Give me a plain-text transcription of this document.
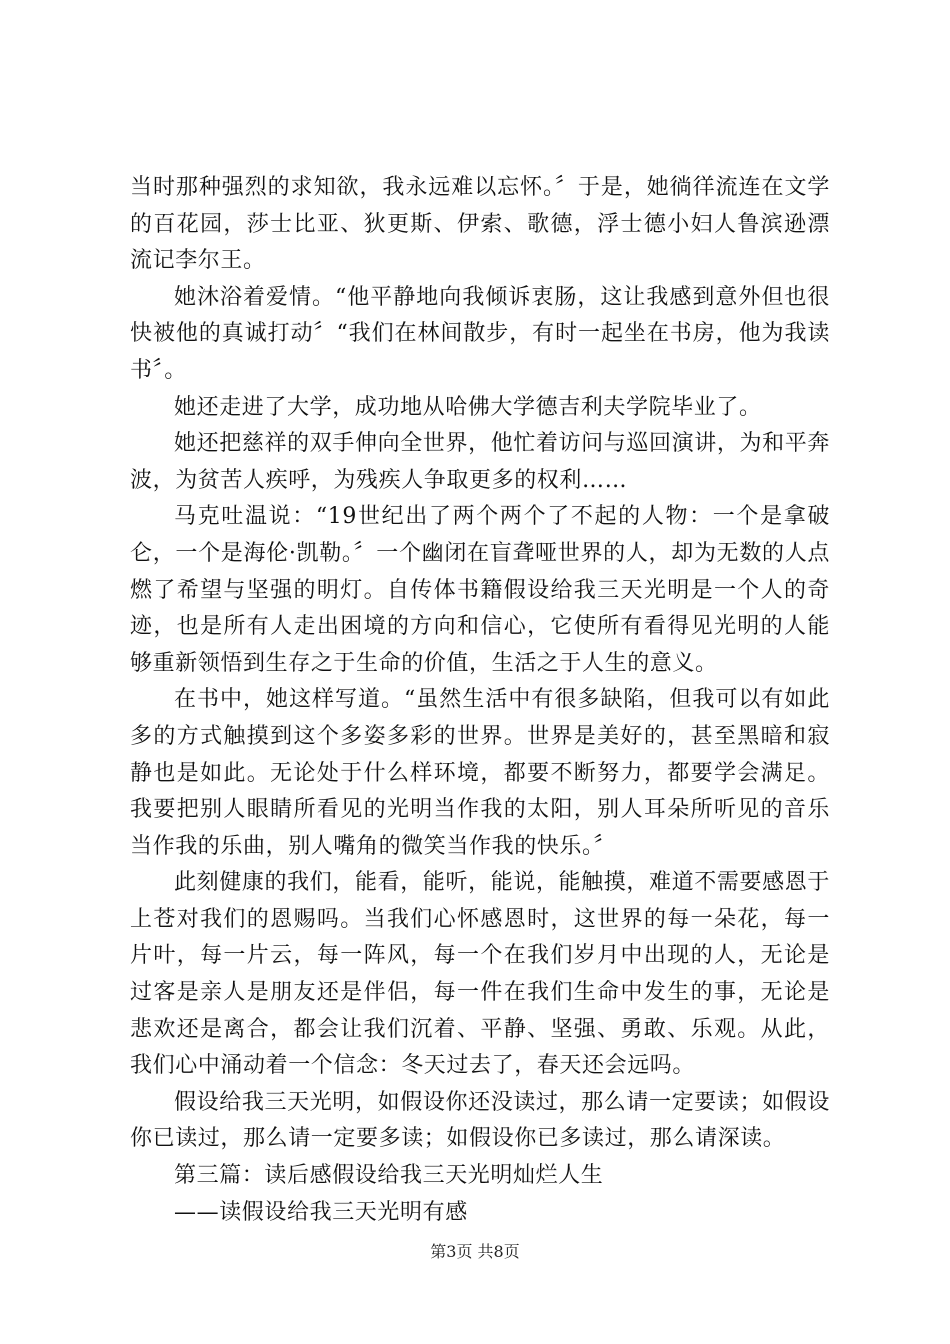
当时那种强烈的求知欲，我永远难以忘怀。〞于是，她徜徉流连在文学的百花园，莎士比亚、狄更斯、伊索、歌德，浮士德小妇人鲁滨逊漂流记李尔王。

她沐浴着爱情。“他平静地向我倾诉衷肠，这让我感到意外但也很快被他的真诚打动〞“我们在林间散步，有时一起坐在书房，他为我读书〞。

她还走进了大学，成功地从哈佛大学德吉利夫学院毕业了。

她还把慈祥的双手伸向全世界，他忙着访问与巡回演讲，为和平奔波，为贫苦人疾呼，为残疾人争取更多的权利……

马克吐温说：“19世纪出了两个两个了不起的人物：一个是拿破仑，一个是海伦·凯勒。〞一个幽闭在盲聋哑世界的人，却为无数的人点燃了希望与坚强的明灯。自传体书籍假设给我三天光明是一个人的奇迹，也是所有人走出困境的方向和信心，它使所有看得见光明的人能够重新领悟到生存之于生命的价值，生活之于人生的意义。

在书中，她这样写道。“虽然生活中有很多缺陷，但我可以有如此多的方式触摸到这个多姿多彩的世界。世界是美好的，甚至黑暗和寂静也是如此。无论处于什么样环境，都要不断努力，都要学会满足。我要把别人眼睛所看见的光明当作我的太阳，别人耳朵所听见的音乐当作我的乐曲，别人嘴角的微笑当作我的快乐。〞

此刻健康的我们，能看，能听，能说，能触摸，难道不需要感恩于上苍对我们的恩赐吗。当我们心怀感恩时，这世界的每一朵花，每一片叶，每一片云，每一阵风，每一个在我们岁月中出现的人，无论是过客是亲人是朋友还是伴侣，每一件在我们生命中发生的事，无论是悲欢还是离合，都会让我们沉着、平静、坚强、勇敢、乐观。从此，我们心中涌动着一个信念：冬天过去了，春天还会远吗。

假设给我三天光明，如假设你还没读过，那么请一定要读；如假设你已读过，那么请一定要多读；如假设你已多读过，那么请深读。

第三篇：读后感假设给我三天光明灿烂人生

——读假设给我三天光明有感

第3页 共8页
